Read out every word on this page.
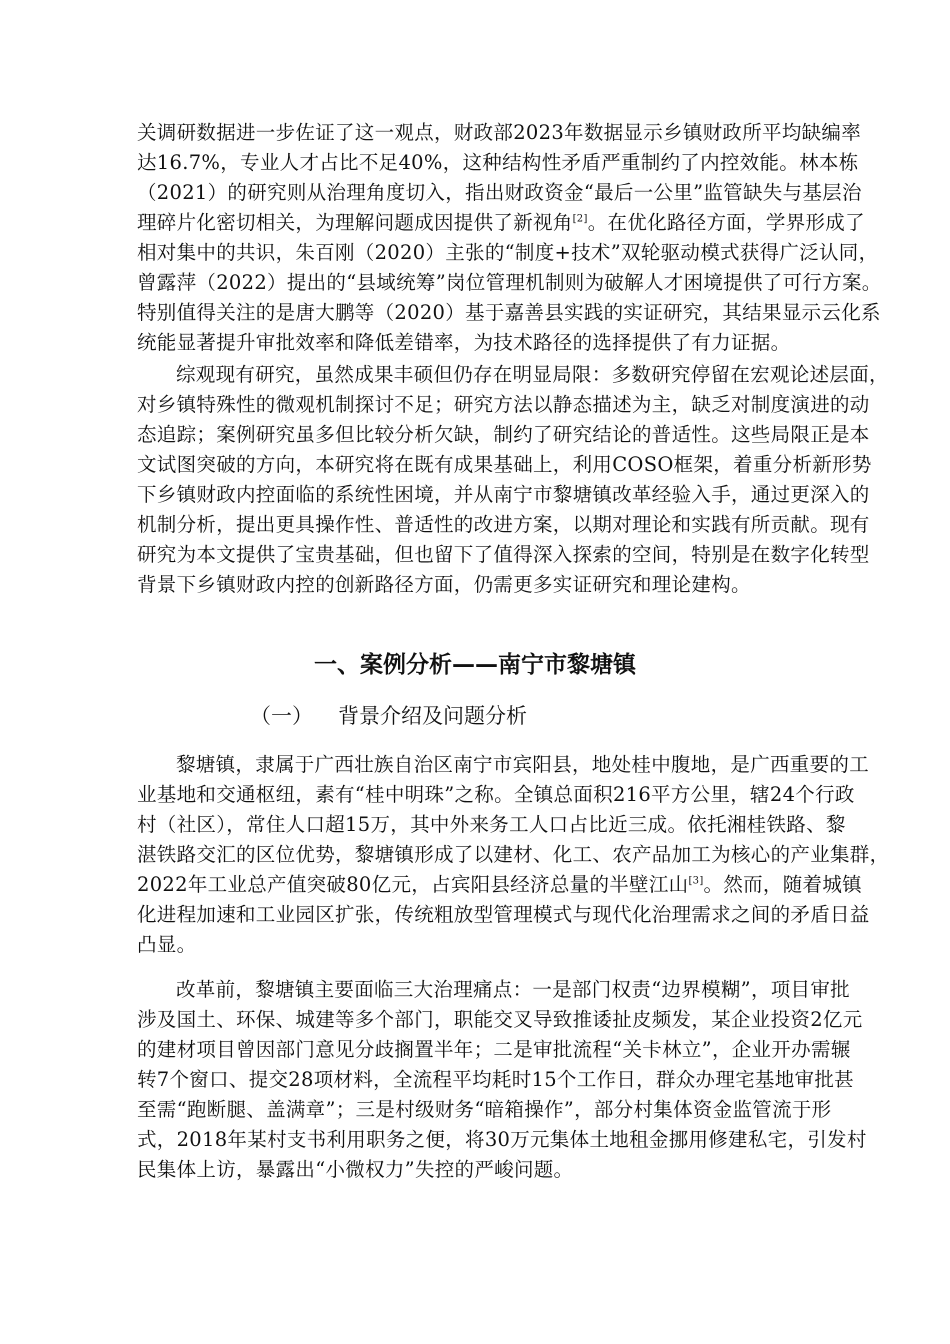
关调研数据进一步佐证了这一观点，财政部2023年数据显示乡镇财政所平均缺编率
达16.7%，专业人才占比不足40%，这种结构性矛盾严重制约了内控效能。林本栋
（2021）的研究则从治理角度切入，指出财政资金“最后一公里”监管缺失与基层治
理碎片化密切相关，为理解问题成因提供了新视角[2]。在优化路径方面，学界形成了
相对集中的共识，朱百刚（2020）主张的“制度+技术”双轮驱动模式获得广泛认同，
曾露萍（2022）提出的“县域统筹”岗位管理机制则为破解人才困境提供了可行方案。
特别值得关注的是唐大鹏等（2020）基于嘉善县实践的实证研究，其结果显示云化系
统能显著提升审批效率和降低差错率，为技术路径的选择提供了有力证据。
综观现有研究，虽然成果丰硕但仍存在明显局限：多数研究停留在宏观论述层面，
对乡镇特殊性的微观机制探讨不足；研究方法以静态描述为主，缺乏对制度演进的动
态追踪；案例研究虽多但比较分析欠缺，制约了研究结论的普适性。这些局限正是本
文试图突破的方向，本研究将在既有成果基础上，利用COSO框架，着重分析新形势
下乡镇财政内控面临的系统性困境，并从南宁市黎塘镇改革经验入手，通过更深入的
机制分析，提出更具操作性、普适性的改进方案，以期对理论和实践有所贡献。现有
研究为本文提供了宝贵基础，但也留下了值得深入探索的空间，特别是在数字化转型
背景下乡镇财政内控的创新路径方面，仍需更多实证研究和理论建构。
一、案例分析——南宁市黎塘镇
（一） 背景介绍及问题分析
黎塘镇，隶属于广西壮族自治区南宁市宾阳县，地处桂中腹地，是广西重要的工
业基地和交通枢纽，素有“桂中明珠”之称。全镇总面积216平方公里，辖24个行政
村（社区），常住人口超15万，其中外来务工人口占比近三成。依托湘桂铁路、黎
湛铁路交汇的区位优势，黎塘镇形成了以建材、化工、农产品加工为核心的产业集群，
2022年工业总产值突破80亿元，占宾阳县经济总量的半壁江山[3]。然而，随着城镇
化进程加速和工业园区扩张，传统粗放型管理模式与现代化治理需求之间的矛盾日益
凸显。
改革前，黎塘镇主要面临三大治理痛点：一是部门权责“边界模糊”，项目审批
涉及国土、环保、城建等多个部门，职能交叉导致推诿扯皮频发，某企业投资2亿元
的建材项目曾因部门意见分歧搁置半年；二是审批流程“关卡林立”，企业开办需辗
转7个窗口、提交28项材料，全流程平均耗时15个工作日，群众办理宅基地审批甚
至需“跑断腿、盖满章”；三是村级财务“暗箱操作”，部分村集体资金监管流于形
式，2018年某村支书利用职务之便，将30万元集体土地租金挪用修建私宅，引发村
民集体上访，暴露出“小微权力”失控的严峻问题。
